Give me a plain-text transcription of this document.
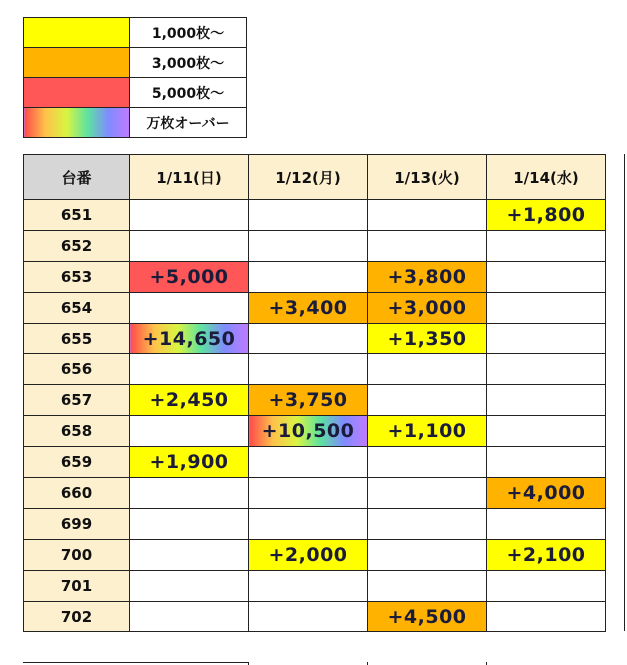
	1,000枚～
	3,000枚～
	5,000枚～
	万枚オーバー
台番	1/11(日)	1/12(月)	1/13(火)	1/14(水)
651				+1,800
652				
653	+5,000		+3,800	
654		+3,400	+3,000	
655	+14,650		+1,350	
656				
657	+2,450	+3,750		
658		+10,500	+1,100	
659	+1,900			
660				+4,000
699				
700		+2,000		+2,100
701				
702			+4,500	
